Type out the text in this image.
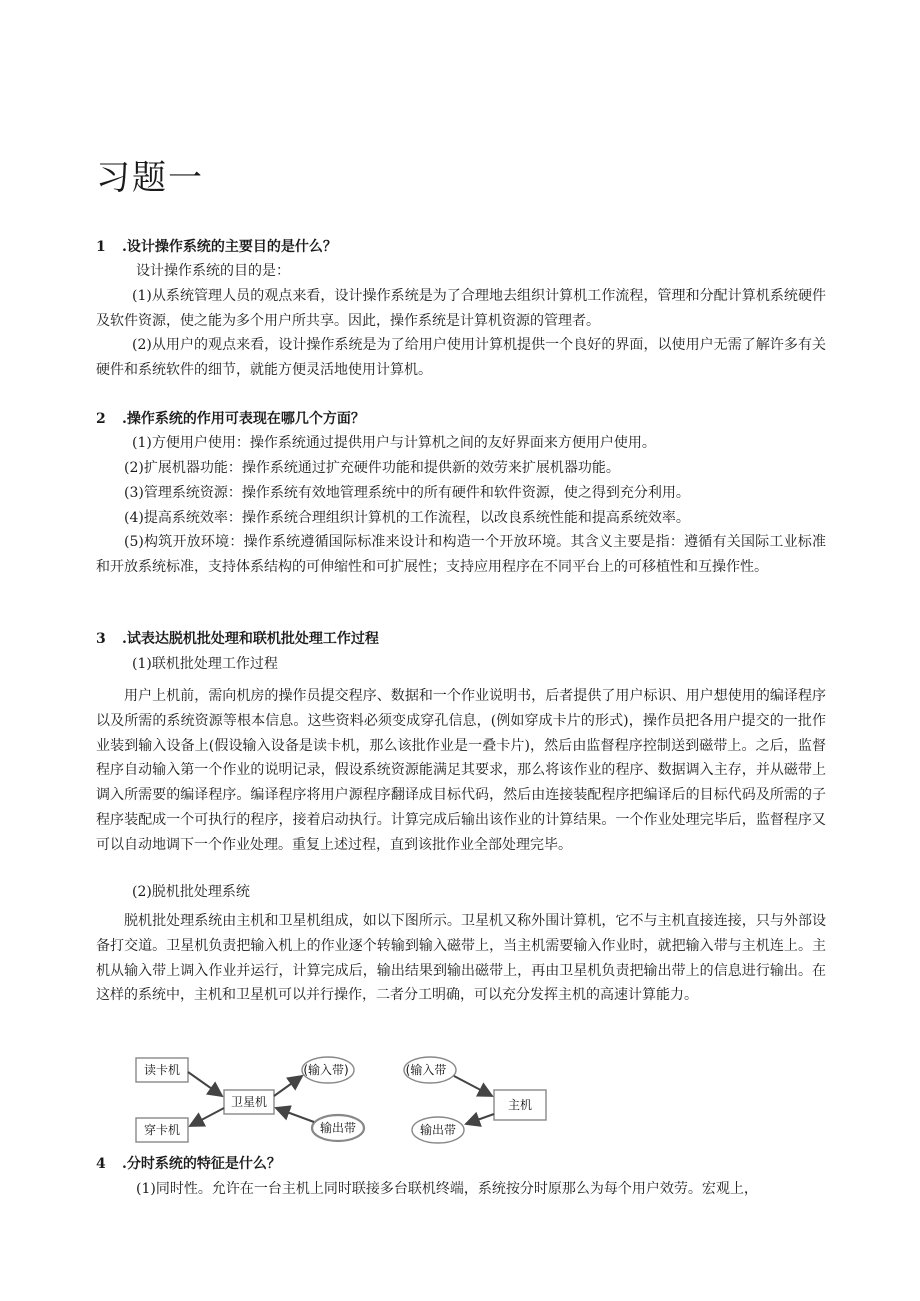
习题一
1 .设计操作系统的主要目的是什么？
设计操作系统的目的是：
(1)从系统管理人员的观点来看，设计操作系统是为了合理地去组织计算机工作流程，管理和分配计算机系统硬件及软件资源，使之能为多个用户所共享。因此，操作系统是计算机资源的管理者。
(2)从用户的观点来看，设计操作系统是为了给用户使用计算机提供一个良好的界面，以使用户无需了解许多有关硬件和系统软件的细节，就能方便灵活地使用计算机。
2 .操作系统的作用可表现在哪几个方面？
(1)方便用户使用：操作系统通过提供用户与计算机之间的友好界面来方便用户使用。
(2)扩展机器功能：操作系统通过扩充硬件功能和提供新的效劳来扩展机器功能。
(3)管理系统资源：操作系统有效地管理系统中的所有硬件和软件资源，使之得到充分利用。
(4)提高系统效率：操作系统合理组织计算机的工作流程，以改良系统性能和提高系统效率。
(5)构筑开放环境：操作系统遵循国际标准来设计和构造一个开放环境。其含义主要是指：遵循有关国际工业标准和开放系统标准，支持体系结构的可伸缩性和可扩展性；支持应用程序在不同平台上的可移植性和互操作性。
3 .试表达脱机批处理和联机批处理工作过程
(1)联机批处理工作过程
用户上机前，需向机房的操作员提交程序、数据和一个作业说明书，后者提供了用户标识、用户想使用的编译程序以及所需的系统资源等根本信息。这些资料必须变成穿孔信息，(例如穿成卡片的形式)，操作员把各用户提交的一批作业装到输入设备上(假设输入设备是读卡机，那么该批作业是一叠卡片)，然后由监督程序控制送到磁带上。之后，监督程序自动输入第一个作业的说明记录，假设系统资源能满足其要求，那么将该作业的程序、数据调入主存，并从磁带上调入所需要的编译程序。编译程序将用户源程序翻译成目标代码，然后由连接装配程序把编译后的目标代码及所需的子程序装配成一个可执行的程序，接着启动执行。计算完成后输出该作业的计算结果。一个作业处理完毕后，监督程序又可以自动地调下一个作业处理。重复上述过程，直到该批作业全部处理完毕。
(2)脱机批处理系统
脱机批处理系统由主机和卫星机组成，如以下图所示。卫星机又称外围计算机，它不与主机直接连接，只与外部设备打交道。卫星机负责把输入机上的作业逐个转输到输入磁带上，当主机需要输入作业时，就把输入带与主机连上。主机从输入带上调入作业并运行，计算完成后，输出结果到输出磁带上，再由卫星机负责把输出带上的信息进行输出。在这样的系统中，主机和卫星机可以并行操作，二者分工明确，可以充分发挥主机的高速计算能力。
读卡机
卫星机
穿卡机
(输入带)
输出带
(输入带
主机
输出带
4 .分时系统的特征是什么？
(1)同时性。允许在一台主机上同时联接多台联机终端，系统按分时原那么为每个用户效劳。宏观上，
